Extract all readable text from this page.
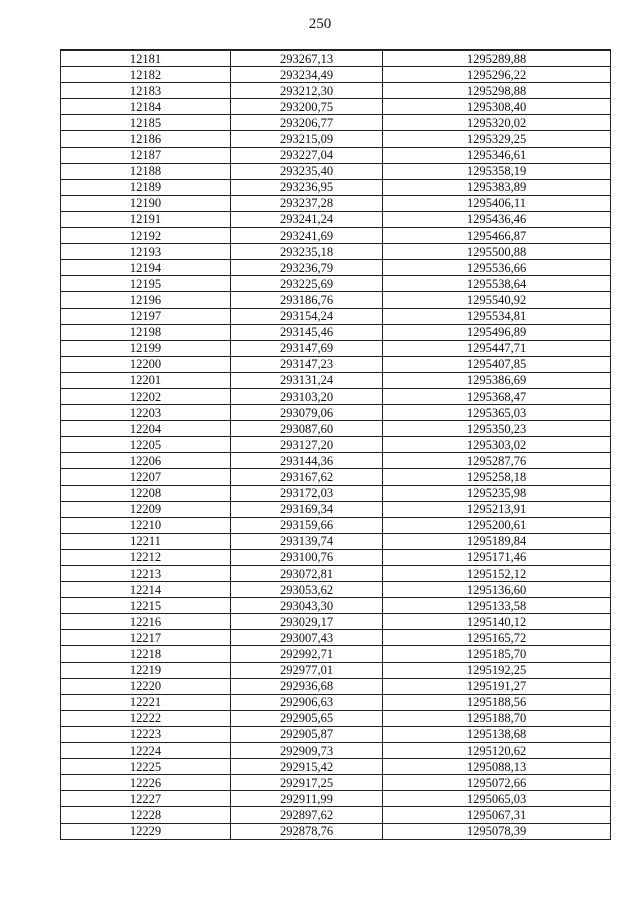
250
12181	293267,13	1295289,88
12182	293234,49	1295296,22
12183	293212,30	1295298,88
12184	293200,75	1295308,40
12185	293206,77	1295320,02
12186	293215,09	1295329,25
12187	293227,04	1295346,61
12188	293235,40	1295358,19
12189	293236,95	1295383,89
12190	293237,28	1295406,11
12191	293241,24	1295436,46
12192	293241,69	1295466,87
12193	293235,18	1295500,88
12194	293236,79	1295536,66
12195	293225,69	1295538,64
12196	293186,76	1295540,92
12197	293154,24	1295534,81
12198	293145,46	1295496,89
12199	293147,69	1295447,71
12200	293147,23	1295407,85
12201	293131,24	1295386,69
12202	293103,20	1295368,47
12203	293079,06	1295365,03
12204	293087,60	1295350,23
12205	293127,20	1295303,02
12206	293144,36	1295287,76
12207	293167,62	1295258,18
12208	293172,03	1295235,98
12209	293169,34	1295213,91
12210	293159,66	1295200,61
12211	293139,74	1295189,84
12212	293100,76	1295171,46
12213	293072,81	1295152,12
12214	293053,62	1295136,60
12215	293043,30	1295133,58
12216	293029,17	1295140,12
12217	293007,43	1295165,72
12218	292992,71	1295185,70
12219	292977,01	1295192,25
12220	292936,68	1295191,27
12221	292906,63	1295188,56
12222	292905,65	1295188,70
12223	292905,87	1295138,68
12224	292909,73	1295120,62
12225	292915,42	1295088,13
12226	292917,25	1295072,66
12227	292911,99	1295065,03
12228	292897,62	1295067,31
12229	292878,76	1295078,39
